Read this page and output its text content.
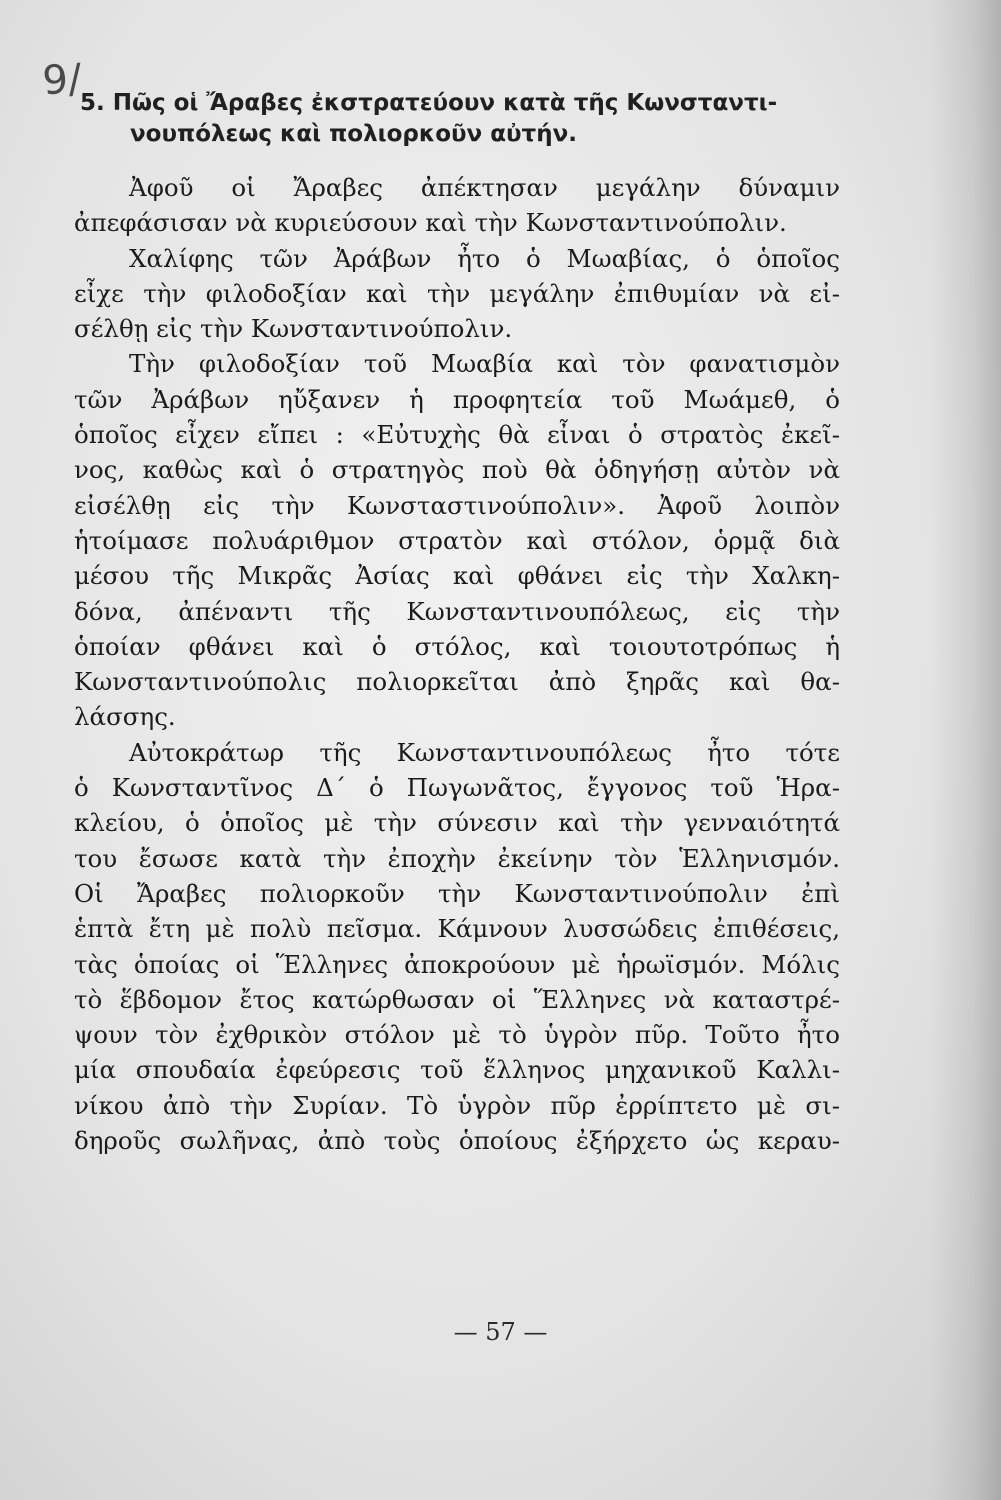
9/
5. Πῶς οἱ Ἄραβες ἐκστρατεύουν κατὰ τῆς Κωνσταντι-
νουπόλεως καὶ πολιορκοῦν αὐτήν.

Ἀφοῦ οἱ Ἄραβες ἀπέκτησαν μεγάλην δύναμιν
ἀπεφάσισαν νὰ κυριεύσουν καὶ τὴν Κωνσταντινούπολιν.

Χαλίφης τῶν Ἀράβων ἦτο ὁ Μωαβίας, ὁ ὁποῖος
εἶχε τὴν φιλοδοξίαν καὶ τὴν μεγάλην ἐπιθυμίαν νὰ εἰ-
σέλθῃ εἰς τὴν Κωνσταντινούπολιν.

Τὴν φιλοδοξίαν τοῦ Μωαβία καὶ τὸν φανατισμὸν
τῶν Ἀράβων ηὔξανεν ἡ προφητεία τοῦ Μωάμεθ, ὁ
ὁποῖος εἶχεν εἴπει : «Εὐτυχὴς θὰ εἶναι ὁ στρατὸς ἐκεῖ-
νος, καθὼς καὶ ὁ στρατηγὸς ποὺ θὰ ὁδηγήσῃ αὐτὸν νὰ
εἰσέλθῃ εἰς τὴν Κωνσταστινούπολιν». Ἀφοῦ λοιπὸν
ἡτοίμασε πολυάριθμον στρατὸν καὶ στόλον, ὁρμᾷ διὰ
μέσου τῆς Μικρᾶς Ἀσίας καὶ φθάνει εἰς τὴν Χαλκη-
δόνα, ἀπέναντι τῆς Κωνσταντινουπόλεως, εἰς τὴν
ὁποίαν φθάνει καὶ ὁ στόλος, καὶ τοιουτοτρόπως ἡ
Κωνσταντινούπολις πολιορκεῖται ἀπὸ ξηρᾶς καὶ θα-
λάσσης.

Αὐτοκράτωρ τῆς Κωνσταντινουπόλεως ἦτο τότε
ὁ Κωνσταντῖνος Δ΄ ὁ Πωγωνᾶτος, ἔγγονος τοῦ Ἡρα-
κλείου, ὁ ὁποῖος μὲ τὴν σύνεσιν καὶ τὴν γενναιότητά
του ἔσωσε κατὰ τὴν ἐποχὴν ἐκείνην τὸν Ἑλληνισμόν.
Οἱ Ἄραβες πολιορκοῦν τὴν Κωνσταντινούπολιν ἐπὶ
ἑπτὰ ἔτη μὲ πολὺ πεῖσμα. Κάμνουν λυσσώδεις ἐπιθέσεις,
τὰς ὁποίας οἱ Ἕλληνες ἀποκρούουν μὲ ἡρωϊσμόν. Μόλις
τὸ ἕβδομον ἔτος κατώρθωσαν οἱ Ἕλληνες νὰ καταστρέ-
ψουν τὸν ἐχθρικὸν στόλον μὲ τὸ ὑγρὸν πῦρ. Τοῦτο ἦτο
μία σπουδαία ἐφεύρεσις τοῦ ἕλληνος μηχανικοῦ Καλλι-
νίκου ἀπὸ τὴν Συρίαν. Τὸ ὑγρὸν πῦρ ἐρρίπτετο μὲ σι-
δηροῦς σωλῆνας, ἀπὸ τοὺς ὁποίους ἐξήρχετο ὡς κεραυ-

— 57 —
